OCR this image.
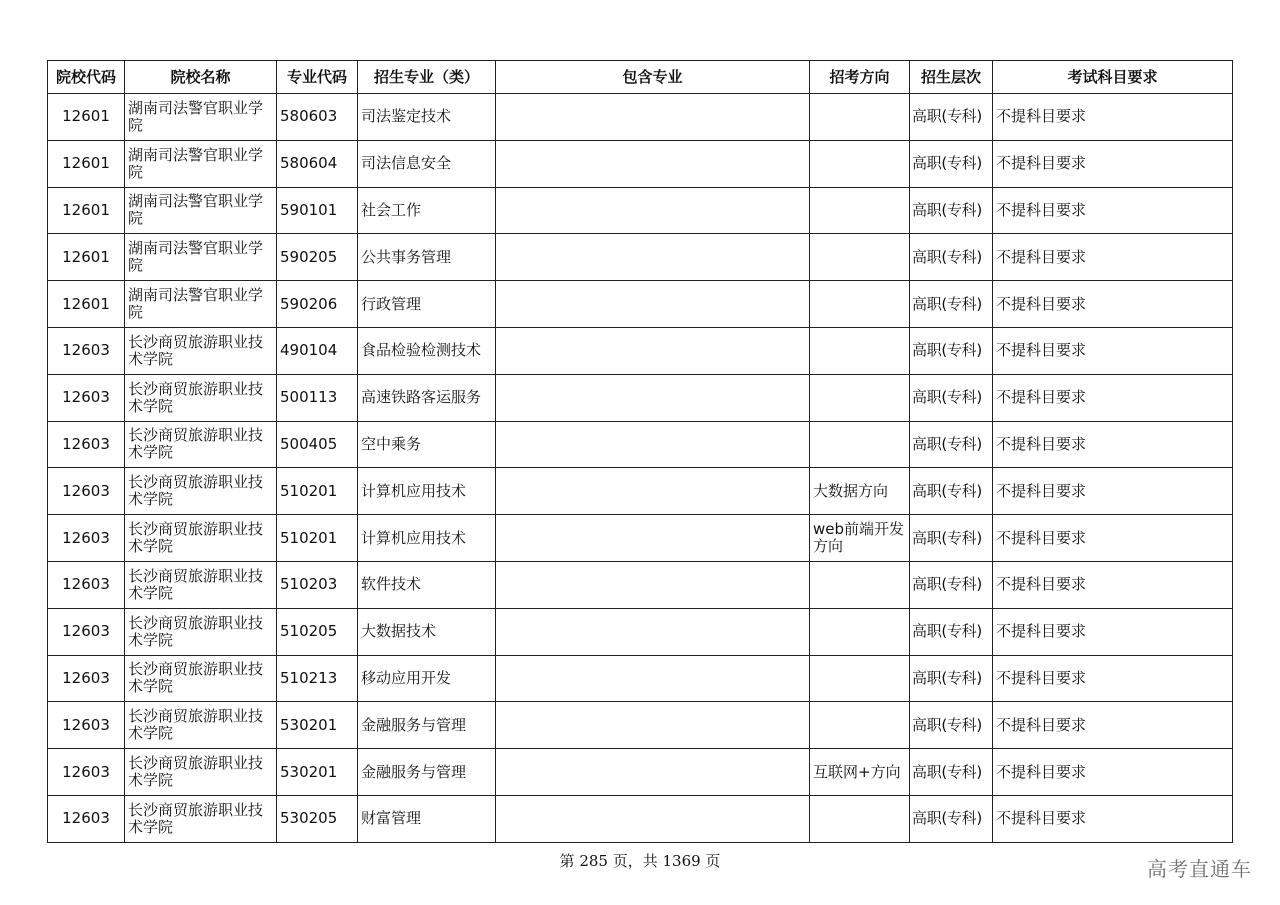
院校代码	院校名称	专业代码	招生专业（类）	包含专业	招考方向	招生层次	考试科目要求
12601	湖南司法警官职业学院	580603	司法鉴定技术			高职(专科)	不提科目要求
12601	湖南司法警官职业学院	580604	司法信息安全			高职(专科)	不提科目要求
12601	湖南司法警官职业学院	590101	社会工作			高职(专科)	不提科目要求
12601	湖南司法警官职业学院	590205	公共事务管理			高职(专科)	不提科目要求
12601	湖南司法警官职业学院	590206	行政管理			高职(专科)	不提科目要求
12603	长沙商贸旅游职业技术学院	490104	食品检验检测技术			高职(专科)	不提科目要求
12603	长沙商贸旅游职业技术学院	500113	高速铁路客运服务			高职(专科)	不提科目要求
12603	长沙商贸旅游职业技术学院	500405	空中乘务			高职(专科)	不提科目要求
12603	长沙商贸旅游职业技术学院	510201	计算机应用技术		大数据方向	高职(专科)	不提科目要求
12603	长沙商贸旅游职业技术学院	510201	计算机应用技术		web前端开发方向	高职(专科)	不提科目要求
12603	长沙商贸旅游职业技术学院	510203	软件技术			高职(专科)	不提科目要求
12603	长沙商贸旅游职业技术学院	510205	大数据技术			高职(专科)	不提科目要求
12603	长沙商贸旅游职业技术学院	510213	移动应用开发			高职(专科)	不提科目要求
12603	长沙商贸旅游职业技术学院	530201	金融服务与管理			高职(专科)	不提科目要求
12603	长沙商贸旅游职业技术学院	530201	金融服务与管理		互联网+方向	高职(专科)	不提科目要求
12603	长沙商贸旅游职业技术学院	530205	财富管理			高职(专科)	不提科目要求
第 285 页，共 1369 页	高考直通车
